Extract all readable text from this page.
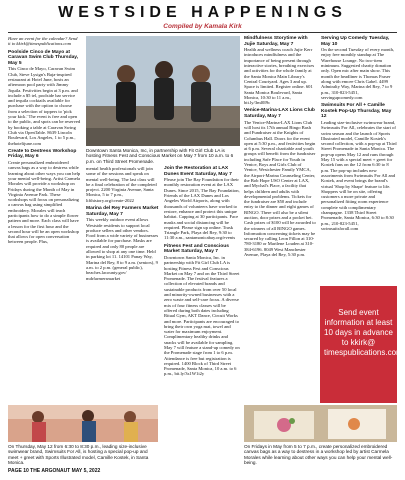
WESTSIDE HAPPENINGS
Compiled by Kamala Kirk

Have an event for the calendar? Send it to kkirk@timespublications.com

Poolside Cinco de Mayo at Caravan Swim Club Thursday, May 5

This Cinco de Mayo, Caravan Swim Club, Steve Lysign's Baja-inspired restaurant at Hotel June, hosts an afternoon pool party with Jimmy Jiquila. Festivities begin at 3 p.m. and include a $5 tel, poolside bar service and tequila cocktails available for purchase with the option to choose from a selection of toppers to 'pick your kick.' The event is free and open to the public, and spots can be reserved by booking a table at Caravan Swing Club via OpenTable. 8639 Lincoln Boulevard, Los Angeles, 1 to 5 p.m., thehotelijune.com

Create to Destress Workshop Friday, May 6

Create personalized embroidered canvas bags as a way to destress while learning about other ways you can help your mental well-being. Artist Carmela Morales will provide a workshop on Fridays during the Month of May in Virginia Avenue Park. These workshops will focus on personalizing a canvas bag using simplified embroidery. Morales will teach participants how to do a simple flower pattern and more. Each class will have a lesson for the first hour and the second hour will be an open workshop that allows for open conversation between people. Plus,

Downtown Santa Monica, Inc, in partnership with Fit Girl Club LA is hosting Fitness Fest and Conscious Market on May 7 from 10 a.m. to 6 p.m. on Third Street Promenade.

mental health professionals will join some of the sessions and speak on mental well-being. The last class will be a final celebration of the completed project. 2200 Virginia Avenue, Santa Monica, 5 to 7 p.m., lifthistory.org/create-2022

Marina del Rey Farmers Market Saturday, May 7

This weekly outdoor event allows Westside residents to support local produce sellers and other vendors. Food from a wide variety of businesses is available for purchase. Masks are required and only 80 people are allowed to shop at any one time. Held in parking lot 11. 14101 Panay Way, Marina del Rey, 8 to 9 a.m. (seniors), 9 a.m. to 2 p.m. (general public), beaches.lacounty.gov/ mdrfarmersmarket

Join the Restoration at LAX Dunes Event Saturday, May 7

Please join The Bay Foundation for their monthly restoration event at the LAX Dunes. Since 2015, The Bay Foundation, Friends of the LAX Dunes and Los Angeles World Airports, along with thousands of volunteers have worked to restore, enhance and protect this unique habitat. Capping at 30 participants. Face masks and social distancing will be required. Please sign up online. Trask Triangle Park, Playa del Rey, 9:30 to 11:30 a.m., santamonicabay.org/events

Fitness Fest and Conscious Market Saturday, May 7

Downtown Santa Monica, Inc. in partnership with Fit Girl Club LA is hosting Fitness Fest and Conscious Market on May 7 and on the Third Street Promenade. The festival features a collection of elevated brands and sustainable products from over 50 local and minority-owned businesses with a zero waste and self-care focus. A diverse mix of four fitness classes will be offered during both dates including Ritual Gym, AKT Dance, Circuit Works and more. Participants are encouraged to bring their own yoga mat, towel and water for maximum enjoyment. Complimentary healthy drinks and snacks will be available for sampling. May 7 will feature a stand-up comedy on the Promenade stage from 1 to 6 p.m. Attendance is free but registration is required. 1400 Block of Third Street Promenade, Santa Monica, 10 a.m. to 6 p.m., bit.ly/3s1W1i2y

Mindfulness Storytime with Jujie Saturday, May 7

Health and wellness coach Jujie Kerr introduces mindfulness and the importance of being present through interactive stories, breathing exercises and activities for the whole family at the Santa Monica Main Library's Central Courtyard. Ages 3 and up. Space is limited. Register online. 601 Santa Monica Boulevard, Santa Monica, 10:30 to 11 a.m., bit.ly/3ml0I9c

Venice-Marina-LAX Lions Club Saturday, May 7

The Venice-Marina-LAX Lions Club will host its 17th annual Bingo Bash and Fundraiser at the Knights of Columbus Hall. Doors for the event open at 5:30 p.m., and festivities begin at 6 p.m. Several charitable and youth groups will benefit from the fundraiser including Safe Place for Youth in Venice, Boys and Girls Club of Venice, Westchester Family YMCA, the Airport-Marina Counseling Center, the Bob Hope USO Center at LAX, and Mychal's Place, a facility that helps children and adults with developmental problems. Tickets for the fundraiser are $50 and include entry to the dinner and eight games of BINGO. There will also be a silent auction, door prizes and a pocket bet. Cash prizes of $100 will be awarded to the winners of all BINGO games. Information concerning tickets may be secured by calling Leon Fillon at 310-780-3180 or Marilene Louden at 310-384-6196. 8049 West Manchester Avenue, Playa del Rey, 5:30 p.m.

Serving Up Comedy Tuesday, May 10

On the second Tuesday of every month, enjoy free monthly standup at The Warehouse Lounge. No two-item minimum. Suggested charity donation only. Open mic after main show. This month the headliner is Thomas Fraser along with emcee Chris Gabel. 4499 Admiralty Way, Marina del Rey, 7 to 9 p.m., 310-823-5451, servingupcomedy.com

Swimsuits For All + Camille Kostek Pop-Up Thursday, May 12

Leading size-inclusive swimwear brand, Swimsuits For All, celebrates the start of swim season and the launch of Sports Illustrated model, Camille Kostek's second collection, with a pop-up at Third Street Promenade in Santa Monica. The pop-up opens May 12 and runs through May 15 with a special meet + greet for Kostek fans on the 12 from 6:30 to 8 p.m. The pop-up includes new assortments from Swimsuits For All and Kostek, and event brings the brand's virtual 'Shop by Shape' feature to life. Shoppers will be on site, offering customers a more private and personalized fitting room experience complete with complimentary champagne. 1338 Third Street Promenade, Santa Monica, 6:30 to 8:30 p.m., 210-823-5451, swimsuitsforall.com

Send event information at least 10 days in advance to kkirk@ timespublications.com
On Thursday, May 12 from 6:30 to 8:30 p.m., leading size-inclusive swimwear brand, Swimsuits For All, is hosting a special pop-up and meet + greet with Sports Illustrated model, Camille Kostek, in Santa Monica.
On Fridays in May from 5 to 7 p.m., create personalized embroidered canvas bags as a way to destress in a workshop led by artist Carmela Morales while learning about other ways you can help your mental well-being.
PAGE 10 THE ARGONAUT MAY 5, 2022
